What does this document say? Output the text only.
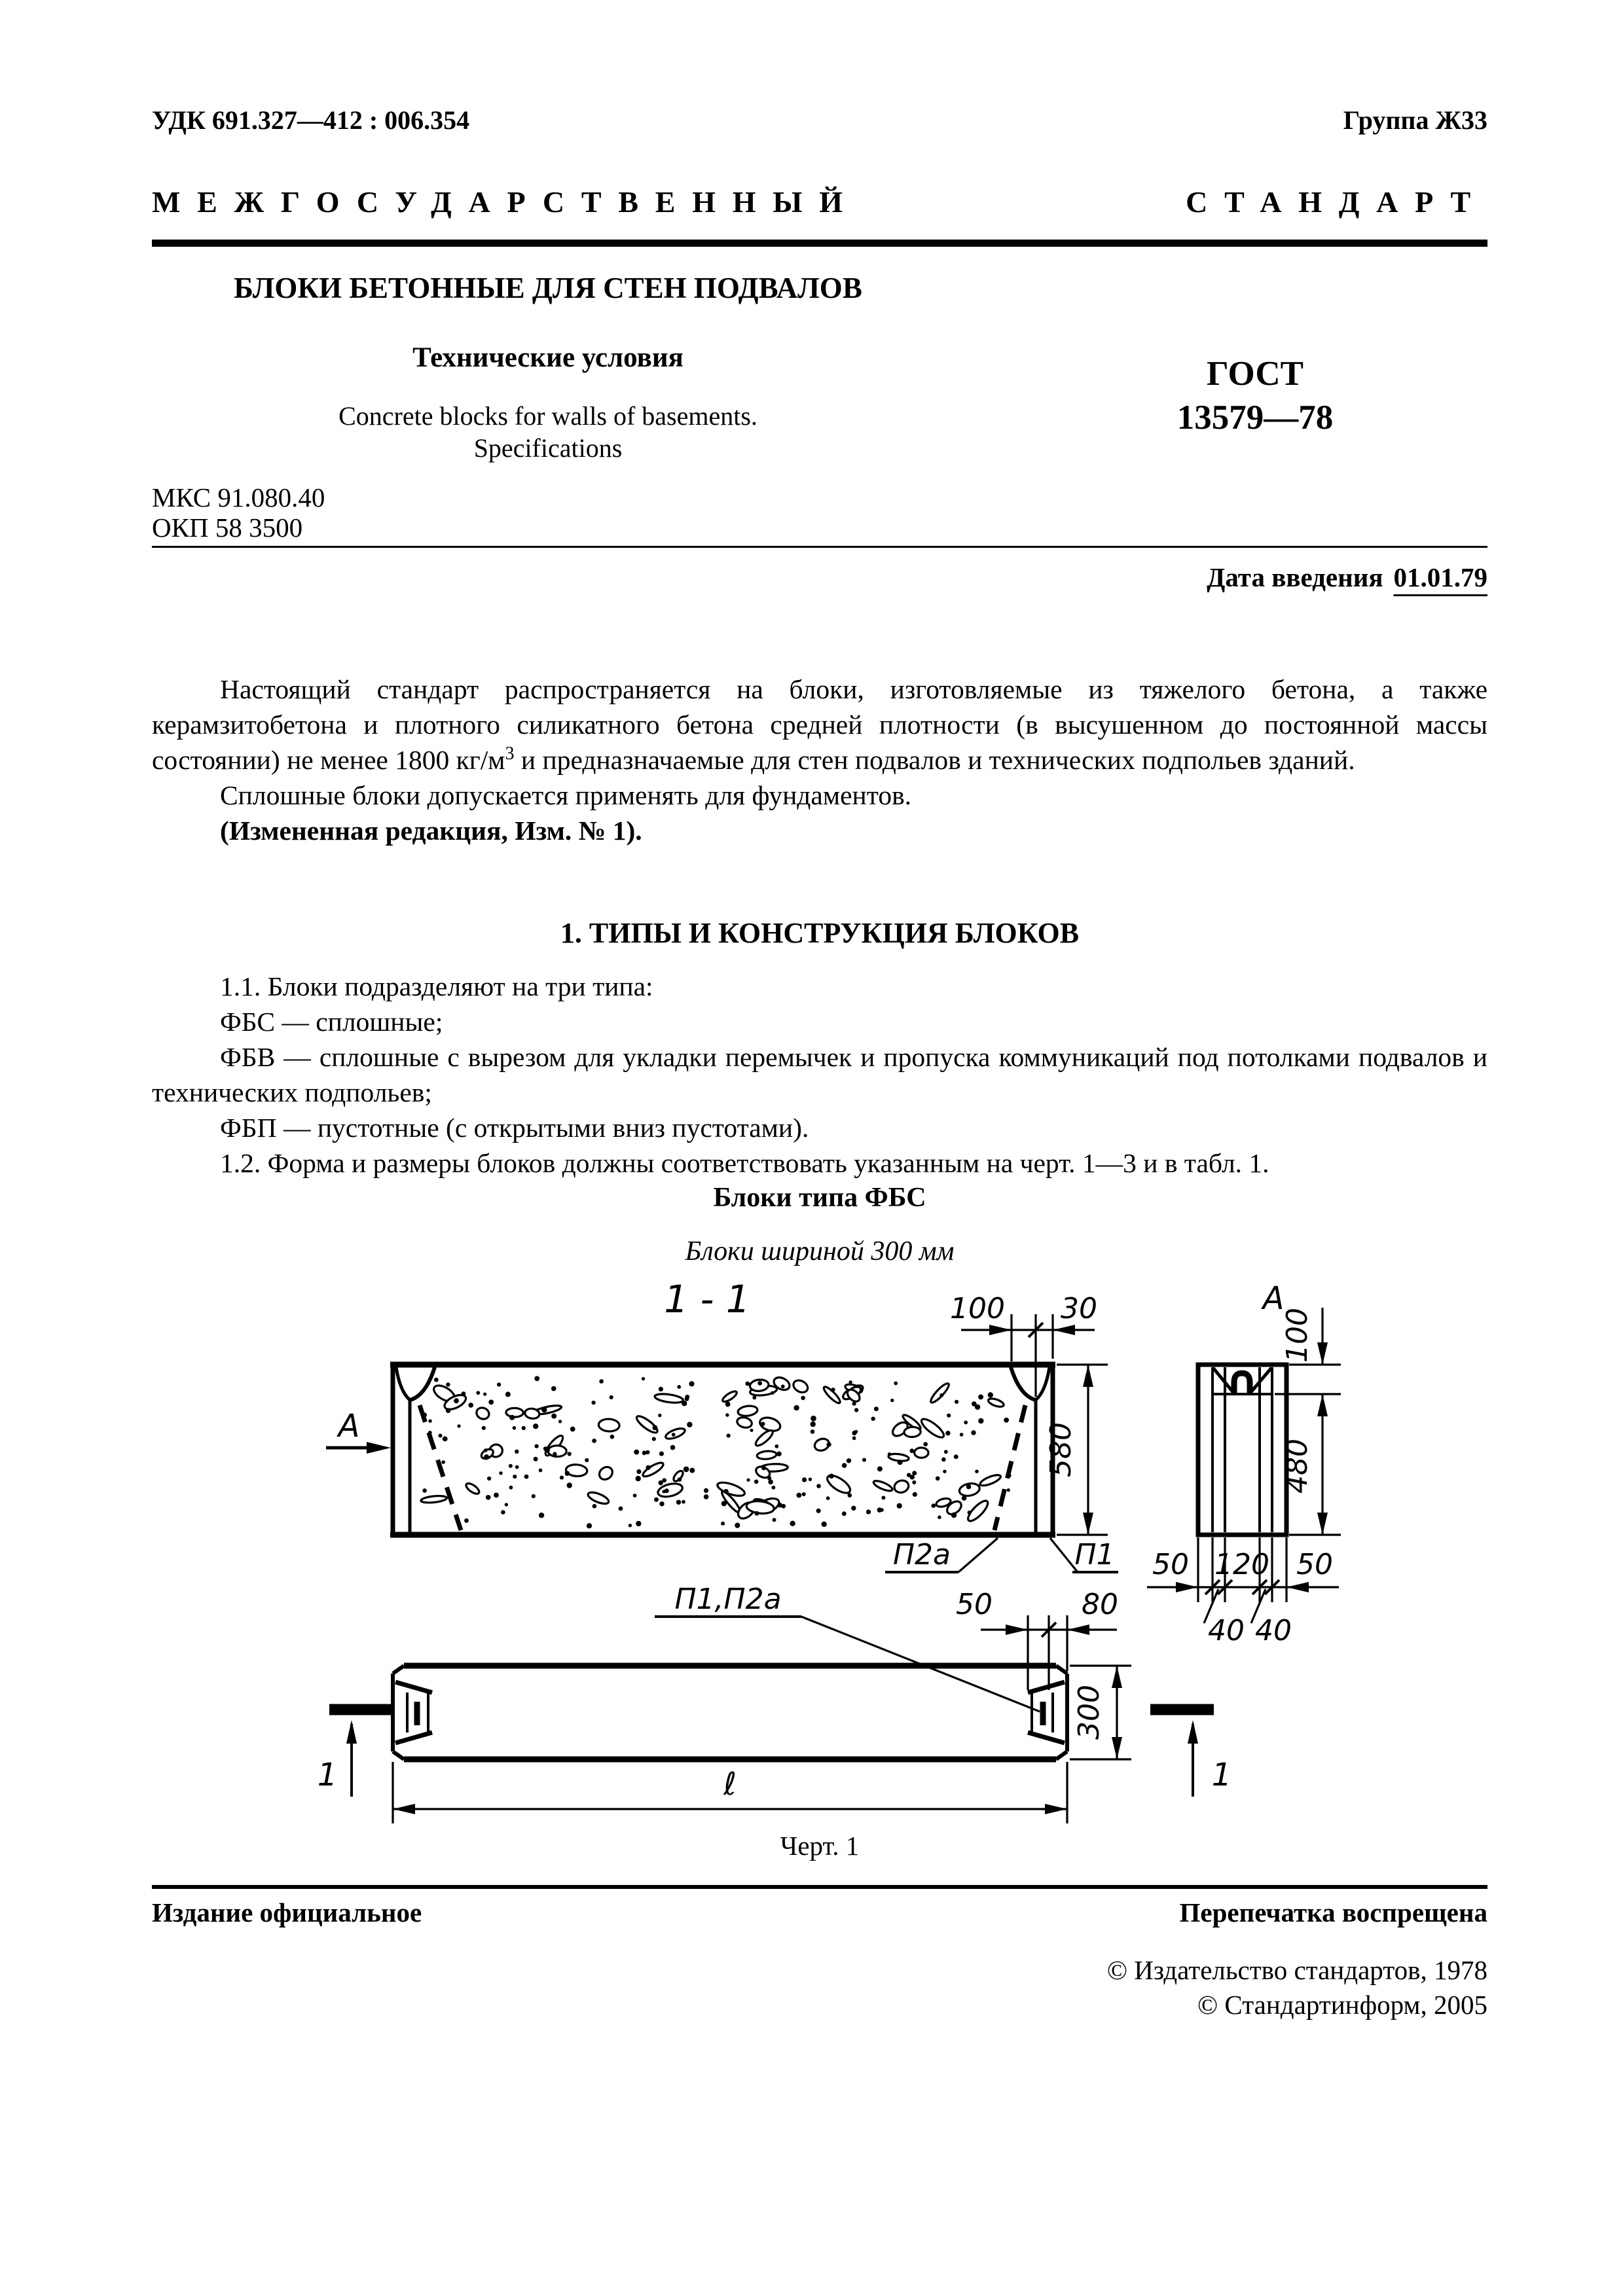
УДК 691.327—412 : 006.354	Группа Ж33
МЕЖГОСУДАРСТВЕННЫЙ	СТАНДАРТ

БЛОКИ БЕТОННЫЕ ДЛЯ СТЕН ПОДВАЛОВ

Технические условия

Concrete blocks for walls of basements.

Specifications

ГОСТ
13579—78
МКС 91.080.40
ОКП 58 3500
Дата введения 01.01.79

Настоящий стандарт распространяется на блоки, изготовляемые из тяжелого бетона, а также керамзитобетона и плотного силикатного бетона средней плотности (в высушенном до постоянной массы состоянии) не менее 1800 $кг/м^3$ и предназначаемые для стен подвалов и технических подпольев зданий.

Сплошные блоки допускается применять для фундаментов.

(Измененная редакция, Изм. № 1).

1. ТИПЫ И КОНСТРУКЦИЯ БЛОКОВ

1.1. Блоки подразделяют на три типа:

ФБС — сплошные;

ФБВ — сплошные с вырезом для укладки перемычек и пропуска коммуникаций под потолками подвалов и технических подпольев;

ФБП — пустотные (с открытыми вниз пустотами).

1.2. Форма и размеры блоков должны соответствовать указанным на черт. 1—3 и в табл. 1.

Блоки типа ФБС
Блоки шириной 300 мм
1 - 1
А
100 30
580
П2а	П1
А
100
480
50 120 50
40 40
П1,П2а	50	80
300
ℓ
1	1
Черт. 1
Издание официальное	Перепечатка воспрещена
© Издательство стандартов, 1978
© Стандартинформ, 2005
